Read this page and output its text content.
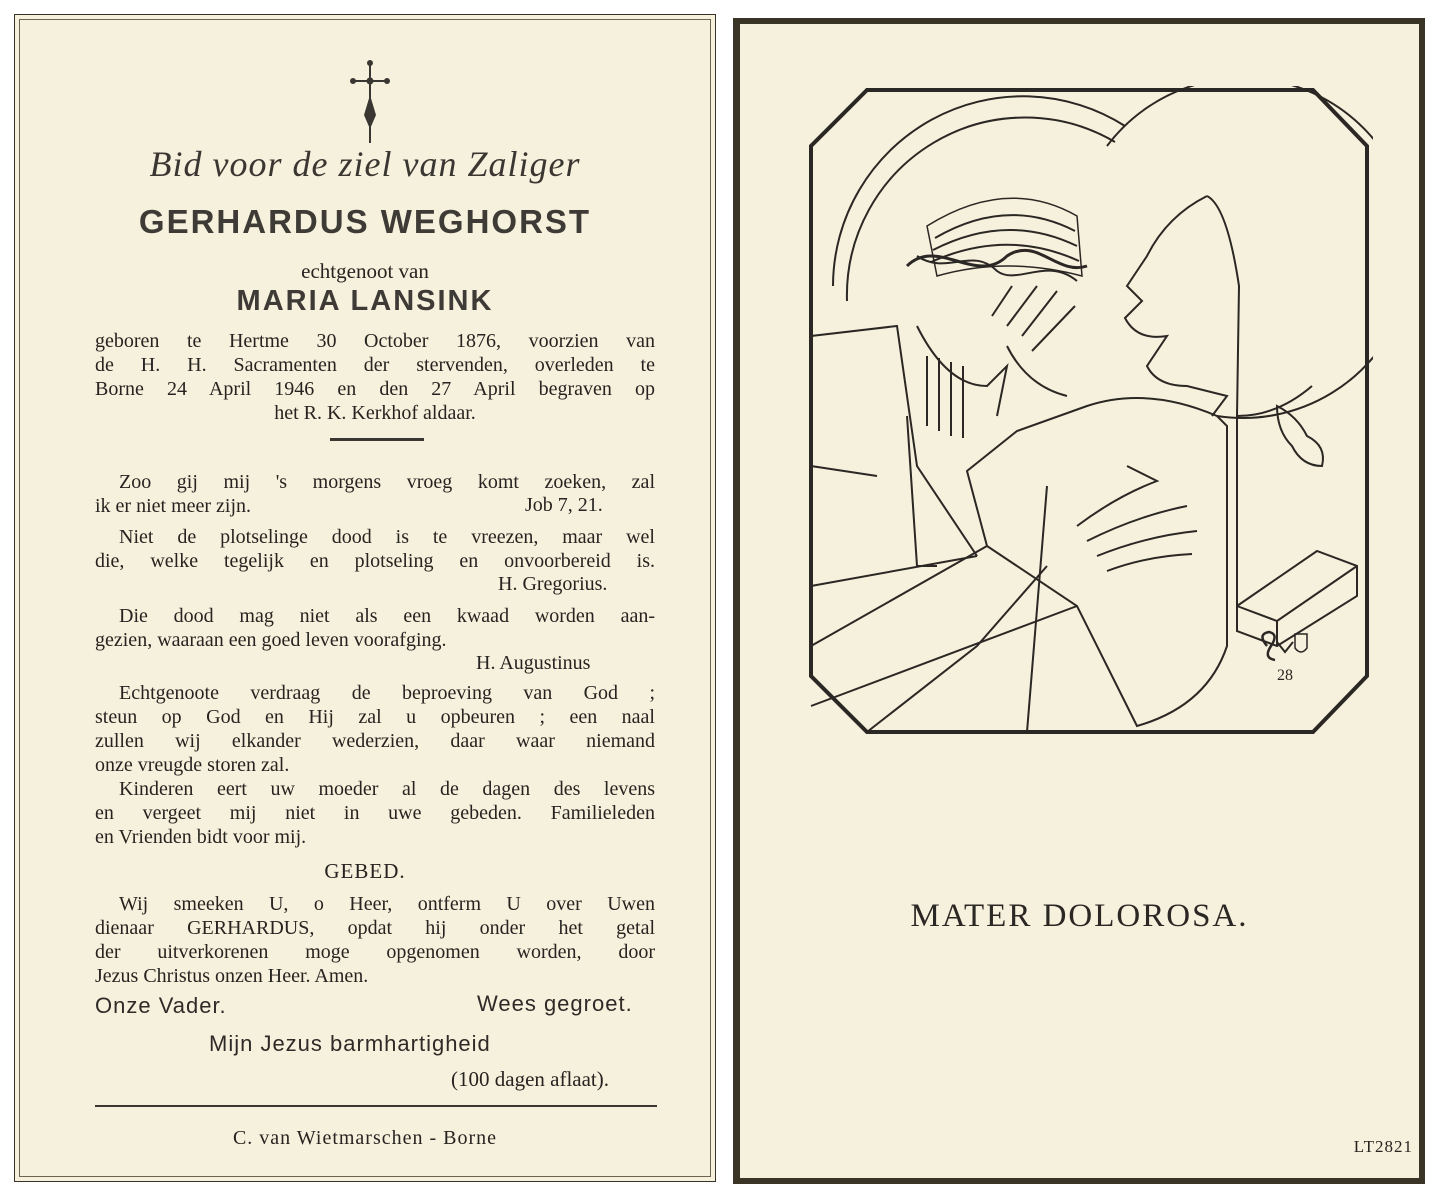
Bid voor de ziel van Zaliger
GERHARDUS WEGHORST
echtgenoot van
MARIA LANSINK

geboren te Hertme 30 October 1876, voorzien van

de H. H. Sacramenten der stervenden, overleden te

Borne 24 April 1946 en den 27 April begraven op

het R. K. Kerkhof aldaar.

Zoo gij mij 's morgens vroeg komt zoeken, zal

ik er niet meer zijn.	Job 7, 21.

Niet de plotselinge dood is te vreezen, maar wel

die, welke tegelijk en plotseling en onvoorbereid is.

H. Gregorius.

Die dood mag niet als een kwaad worden aan-

gezien, waaraan een goed leven voorafging.

H. Augustinus

Echtgenoote verdraag de beproeving van God ;

steun op God en Hij zal u opbeuren ; een naal

zullen wij elkander wederzien, daar waar niemand

onze vreugde storen zal.

Kinderen eert uw moeder al de dagen des levens

en vergeet mij niet in uwe gebeden. Familieleden

en Vrienden bidt voor mij.

GEBED.

Wij smeeken U, o Heer, ontferm U over Uwen

dienaar GERHARDUS, opdat hij onder het getal

der uitverkorenen moge opgenomen worden, door

Jezus Christus onzen Heer. Amen.

Onze Vader.	Wees gegroet.
Mijn Jezus barmhartigheid
(100 dagen aflaat).
C. van Wietmarschen - Borne
28
JS
MATER DOLOROSA.
LT2821
